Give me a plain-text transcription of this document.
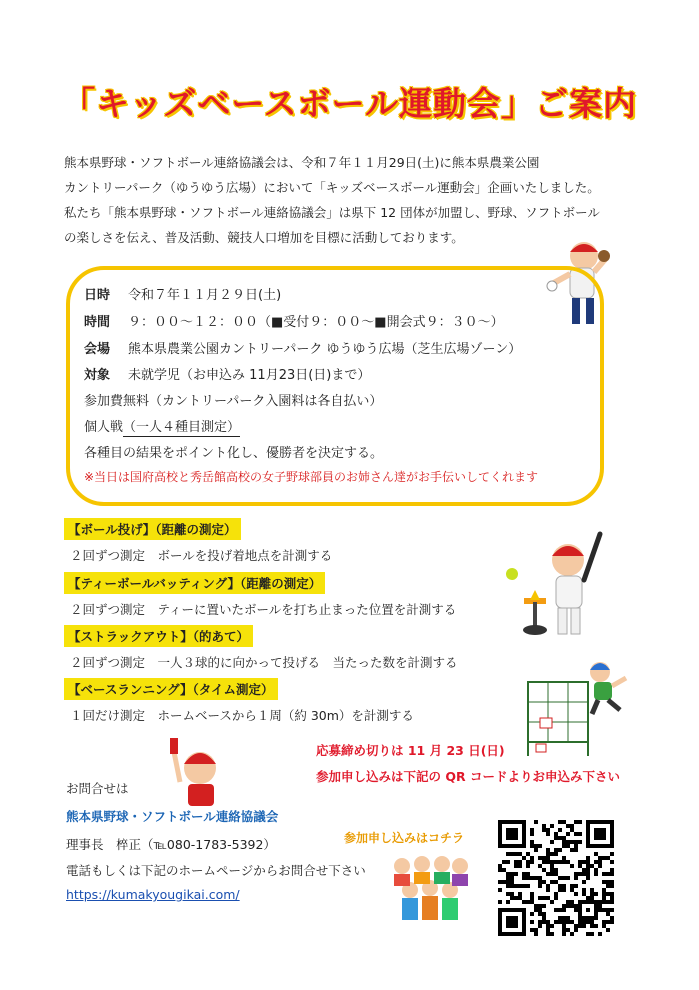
「キッズベースボール運動会」ご案内

熊本県野球・ソフトボール連絡協議会は、令和７年１１月29日(土)に熊本県農業公園

カントリーパーク（ゆうゆう広場）において「キッズベースボール運動会」企画いたしました。

私たち「熊本県野球・ソフトボール連絡協議会」は県下 12 団体が加盟し、野球、ソフトボール

の楽しさを伝え、普及活動、競技人口増加を目標に活動しております。

日時 令和７年１１月２９日(土)
時間 ９：００～１２：００（■受付９：００～■開会式９：３０～）
会場 熊本県農業公園カントリーパーク ゆうゆう広場（芝生広場ゾーン）
対象 未就学児（お申込み 11月23日(日)まで）
参加費無料（カントリーパーク入園料は各自払い）
個人戦（一人４種目測定）
各種目の結果をポイント化し、優勝者を決定する。
※当日は国府高校と秀岳館高校の女子野球部員のお姉さん達がお手伝いしてくれます
【ボール投げ】（距離の測定）
２回ずつ測定　ボールを投げ着地点を計測する
【ティーボールバッティング】（距離の測定）
２回ずつ測定　ティーに置いたボールを打ち止まった位置を計測する
【ストラックアウト】（的あて）
２回ずつ測定　一人３球的に向かって投げる　当たった数を計測する
【ベースランニング】（タイム測定）
１回だけ測定　ホームベースから１周（約 30m）を計測する
応募締め切りは 11 月 23 日(日)
参加申し込みは下記の QR コードよりお申込み下さい
お問合せは
熊本県野球・ソフトボール連絡協議会
理事長　椊正（℡080-1783-5392）
電話もしくは下記のホームページからお問合せ下さい
https://kumakyougikai.com/
参加申し込みはコチラ
